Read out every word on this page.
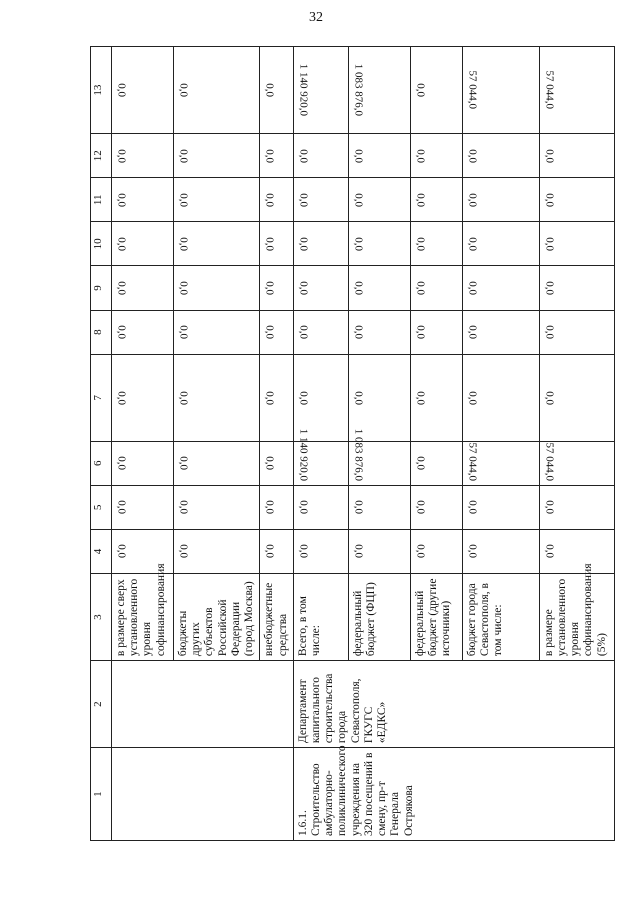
32
1	2	3	4	5	6	7	8	9	10	11	12	13
		в размере сверх установленного уровня софинансирования	0,0	0,0	0,0	0,0	0,0	0,0	0,0	0,0	0,0	0,0
		бюджеты других субъектов Российской Федерации (город Москва)	0,0	0,0	0,0	0,0	0,0	0,0	0,0	0,0	0,0	0,0
		внебюджетные средства	0,0	0,0	0,0	0,0	0,0	0,0	0,0	0,0	0,0	0,0
1.6.1. Строительство амбулаторно-поликлинического учреждения на 320 посещений в смену, пр-т Генерала Острякова	Департамент капитального строительства города Севастополя, ГКУГС «ЕДКС»	Всего, в том числе:	0,0	0,0	1 140 920,0	0,0	0,0	0,0	0,0	0,0	0,0	1 140 920,0
		федеральный бюджет (ФЦП)	0,0	0,0	1 083 876,0	0,0	0,0	0,0	0,0	0,0	0,0	1 083 876,0
		федеральный бюджет (другие источники)	0,0	0,0	0,0	0,0	0,0	0,0	0,0	0,0	0,0	0,0
		бюджет города Севастополя, в том числе:	0,0	0,0	57 044,0	0,0	0,0	0,0	0,0	0,0	0,0	57 044,0
		в размере установленного уровня софинансирования (5%)	0,0	0,0	57 044,0	0,0	0,0	0,0	0,0	0,0	0,0	57 044,0
